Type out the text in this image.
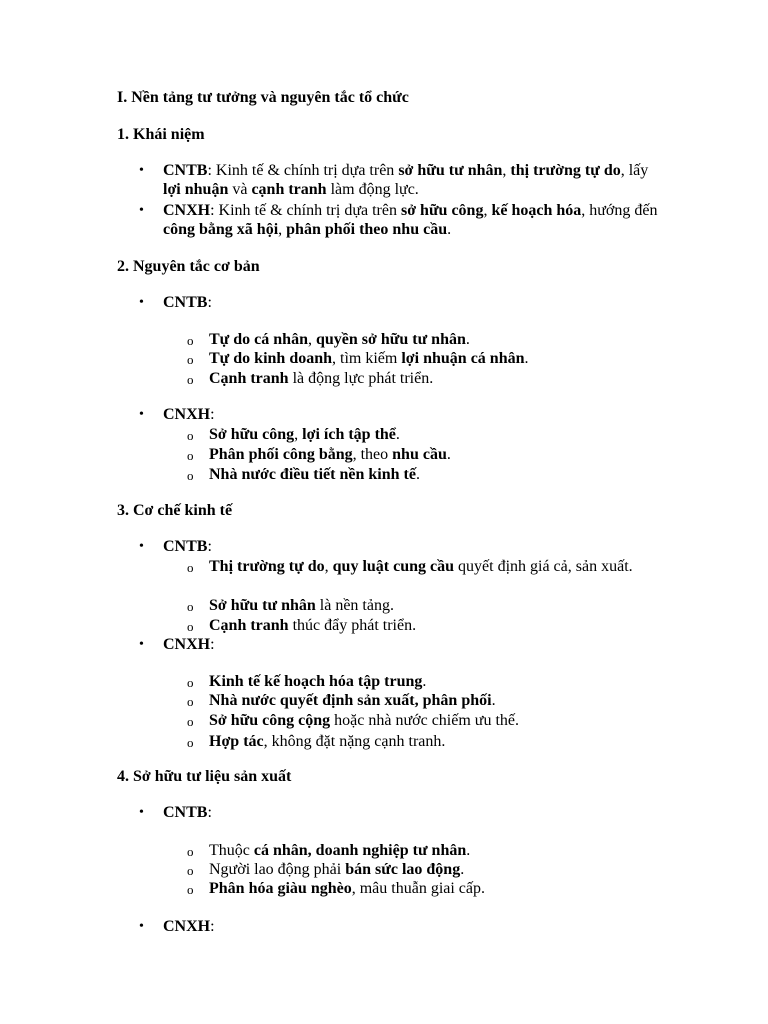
I. Nền tảng tư tưởng và nguyên tắc tổ chức
1. Khái niệm
2. Nguyên tắc cơ bản
3. Cơ chế kinh tế
4. Sở hữu tư liệu sản xuất
• CNTB: Kinh tế & chính trị dựa trên sở hữu tư nhân, thị trường tự do, lấy lợi nhuận và cạnh tranh làm động lực.
• CNXH: Kinh tế & chính trị dựa trên sở hữu công, kế hoạch hóa, hướng đến công bằng xã hội, phân phối theo nhu cầu.
• CNTB:
o Tự do cá nhân, quyền sở hữu tư nhân.
o Tự do kinh doanh, tìm kiếm lợi nhuận cá nhân.
o Cạnh tranh là động lực phát triển.
• CNXH:
o Sở hữu công, lợi ích tập thể.
o Phân phối công bằng, theo nhu cầu.
o Nhà nước điều tiết nền kinh tế.
• CNTB:
o Thị trường tự do, quy luật cung cầu quyết định giá cả, sản xuất.
o Sở hữu tư nhân là nền tảng.
o Cạnh tranh thúc đẩy phát triển.
• CNXH:
o Kinh tế kế hoạch hóa tập trung.
o Nhà nước quyết định sản xuất, phân phối.
o Sở hữu công cộng hoặc nhà nước chiếm ưu thế.
o Hợp tác, không đặt nặng cạnh tranh.
• CNTB:
o Thuộc cá nhân, doanh nghiệp tư nhân.
o Người lao động phải bán sức lao động.
o Phân hóa giàu nghèo, mâu thuẫn giai cấp.
• CNXH:
